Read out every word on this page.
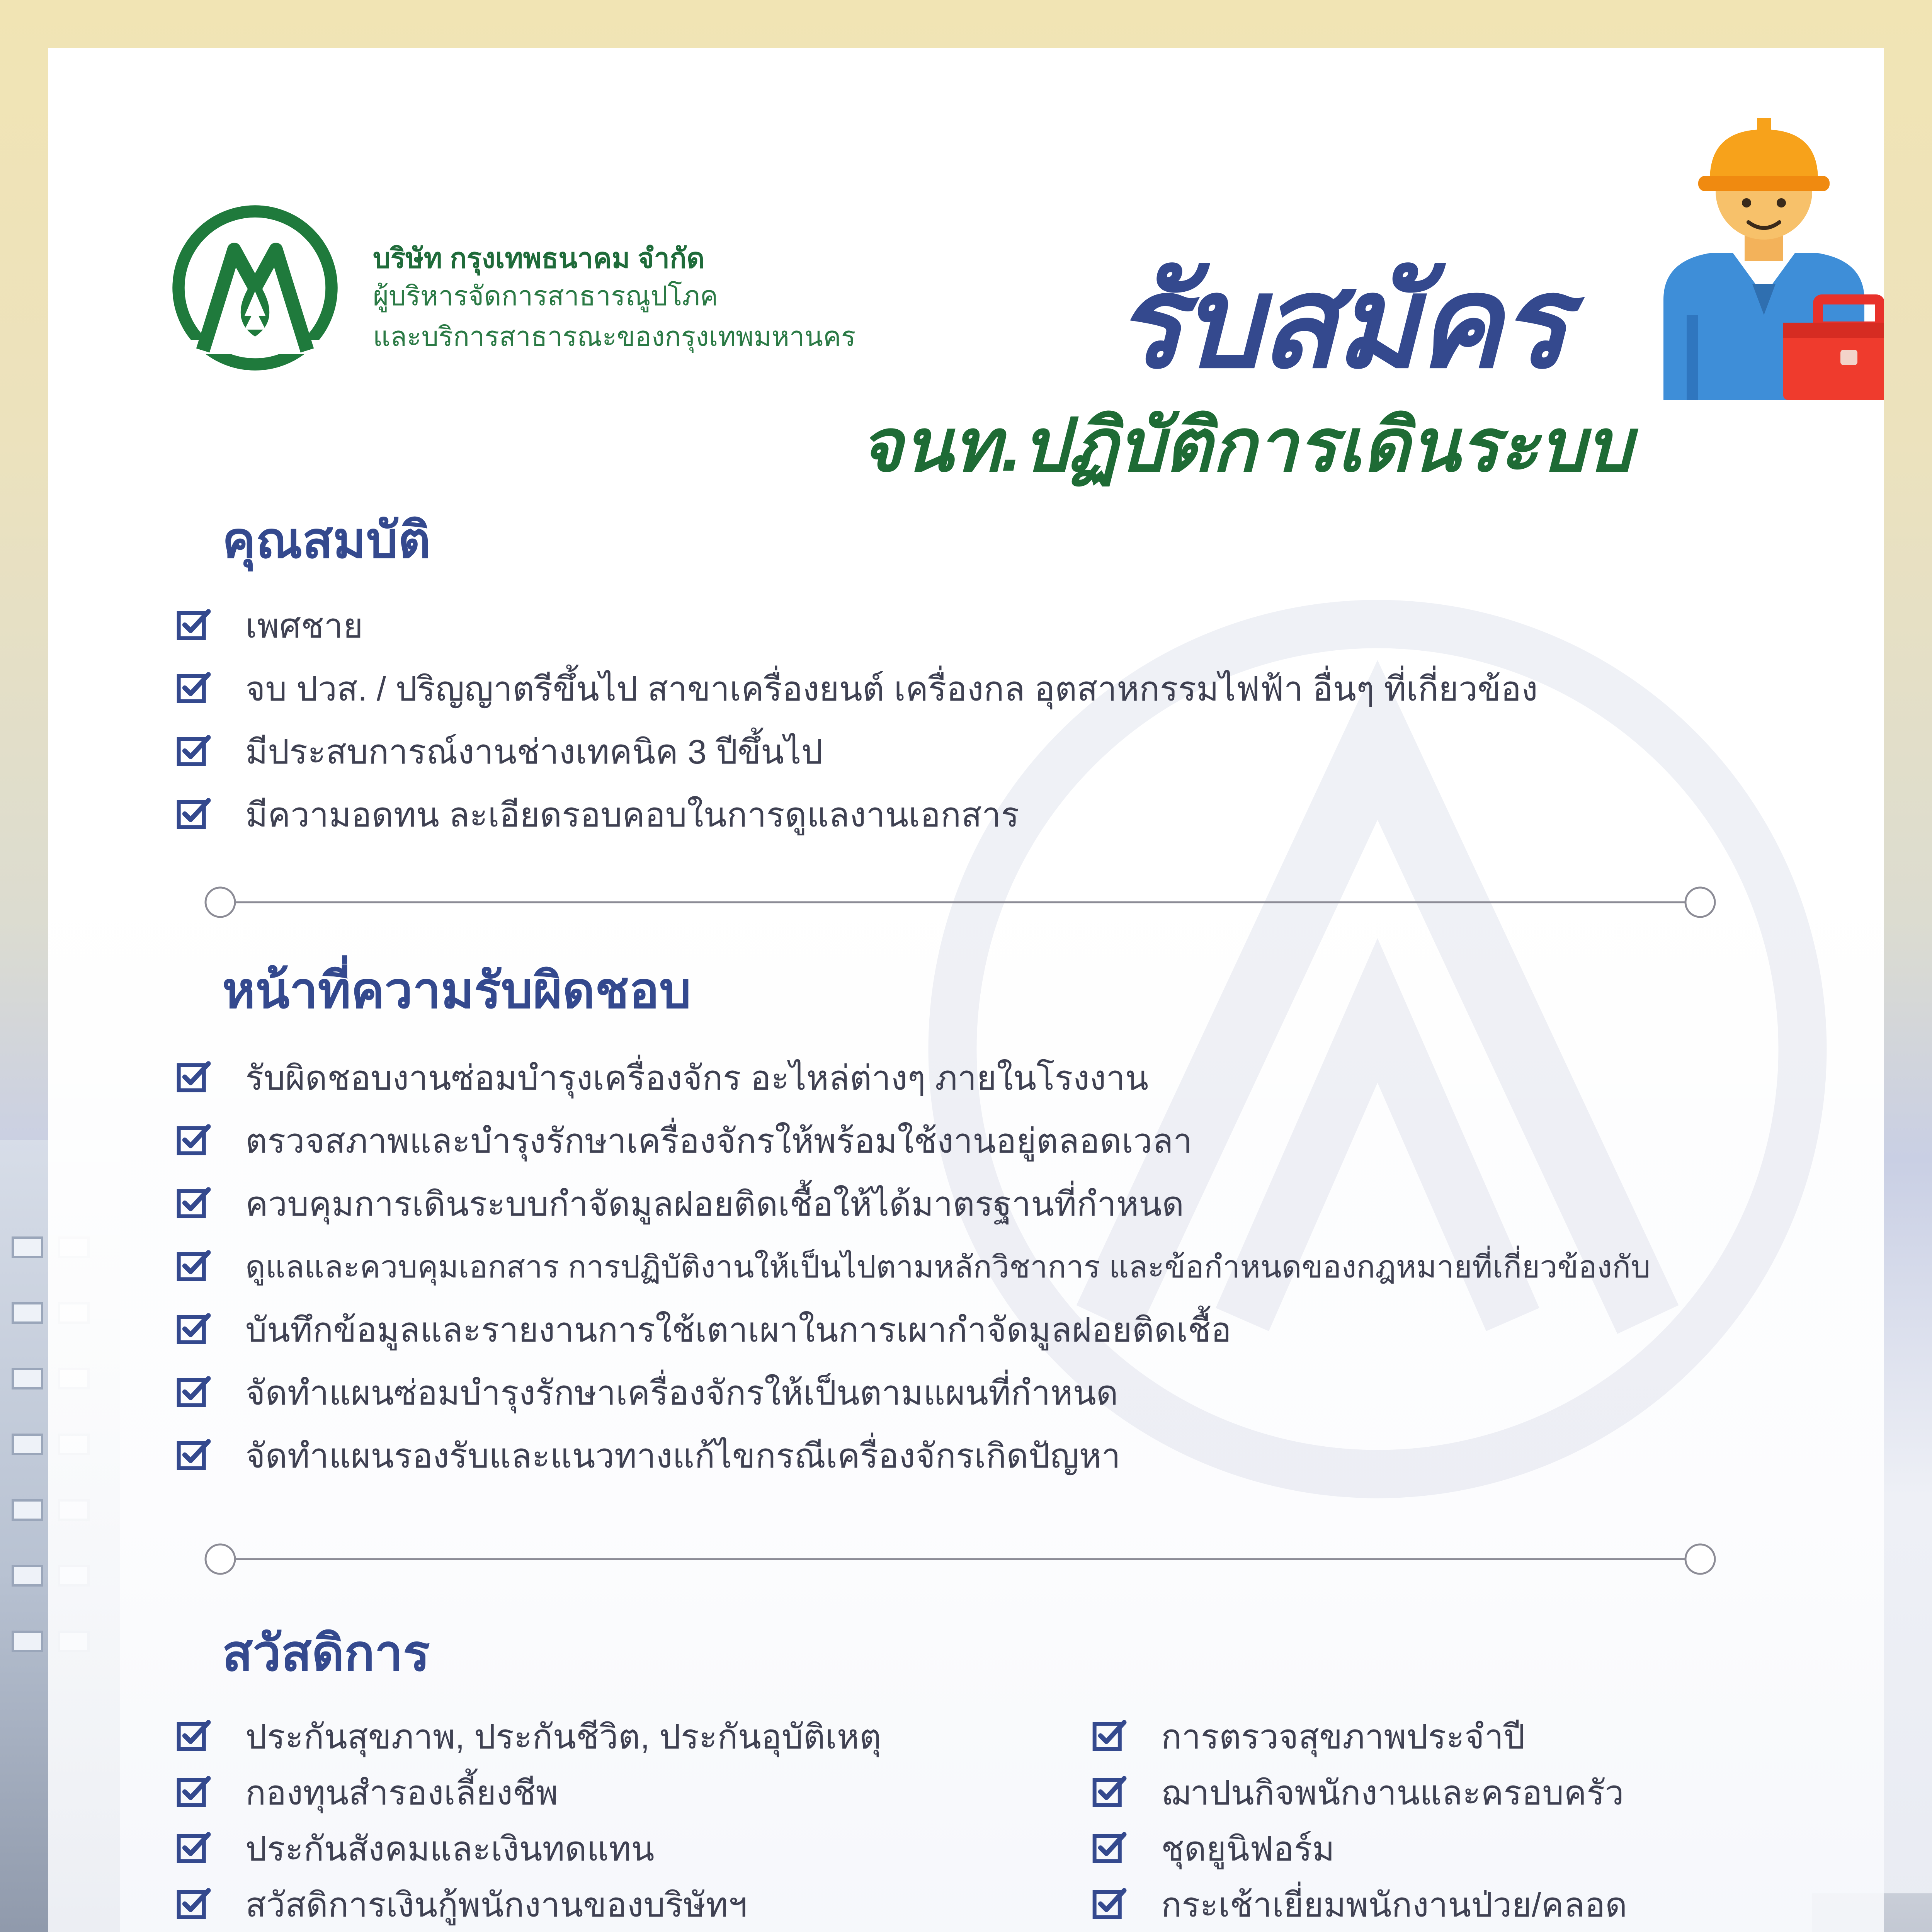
บริษัท กรุงเทพธนาคม จำกัด
ผู้บริหารจัดการสาธารณูปโภค
และบริการสาธารณะของกรุงเทพมหานคร รับสมัคร
จนท.ปฏิบัติการเดินระบบ
คุณสมบัติ
เพศชาย
จบ ปวส. / ปริญญาตรีขึ้นไป สาขาเครื่องยนต์ เครื่องกล อุตสาหกรรมไฟฟ้า อื่นๆ ที่เกี่ยวข้อง
มีประสบการณ์งานช่างเทคนิค 3 ปีขึ้นไป
มีความอดทน ละเอียดรอบคอบในการดูแลงานเอกสาร
หน้าที่ความรับผิดชอบ
รับผิดชอบงานซ่อมบำรุงเครื่องจักร อะไหล่ต่างๆ ภายในโรงงาน
ตรวจสภาพและบำรุงรักษาเครื่องจักรให้พร้อมใช้งานอยู่ตลอดเวลา
ควบคุมการเดินระบบกำจัดมูลฝอยติดเชื้อให้ได้มาตรฐานที่กำหนด
ดูแลและควบคุมเอกสาร การปฏิบัติงานให้เป็นไปตามหลักวิชาการ และข้อกำหนดของกฎหมายที่เกี่ยวข้องกับ
บันทึกข้อมูลและรายงานการใช้เตาเผาในการเผากำจัดมูลฝอยติดเชื้อ
จัดทำแผนซ่อมบำรุงรักษาเครื่องจักรให้เป็นตามแผนที่กำหนด
จัดทำแผนรองรับและแนวทางแก้ไขกรณีเครื่องจักรเกิดปัญหา
สวัสดิการ
ประกันสุขภาพ, ประกันชีวิต, ประกันอุบัติเหตุ
กองทุนสำรองเลี้ยงชีพ
ประกันสังคมและเงินทดแทน
สวัสดิการเงินกู้พนักงานของบริษัทฯ
การตรวจสุขภาพประจำปี
ฌาปนกิจพนักงานและครอบครัว
ชุดยูนิฟอร์ม
กระเช้าเยี่ยมพนักงานป่วย/คลอด
